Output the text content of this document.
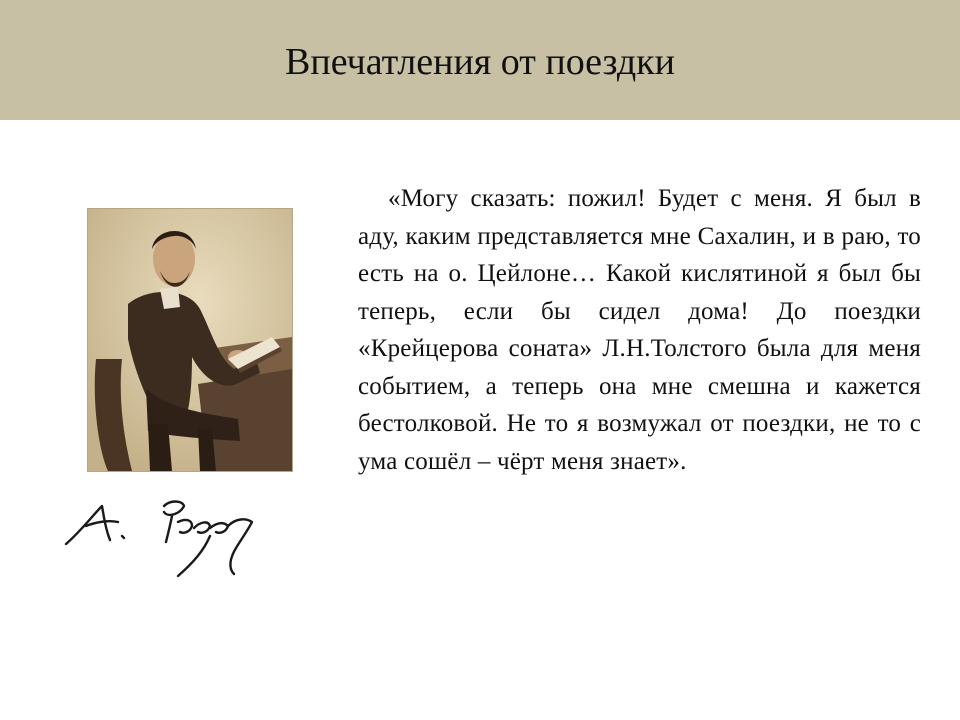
Впечатления от поездки

«Могу сказать: пожил! Будет с меня. Я был в аду, каким представляется мне Сахалин, и в раю, то есть на о. Цейлоне… Какой кислятиной я был бы теперь, если бы сидел дома! До поездки «Крейцерова соната» Л.Н.Толстого была для меня событием, а теперь она мне смешна и кажется бестолковой. Не то я возмужал от поездки, не то с ума сошёл – чёрт меня знает».
